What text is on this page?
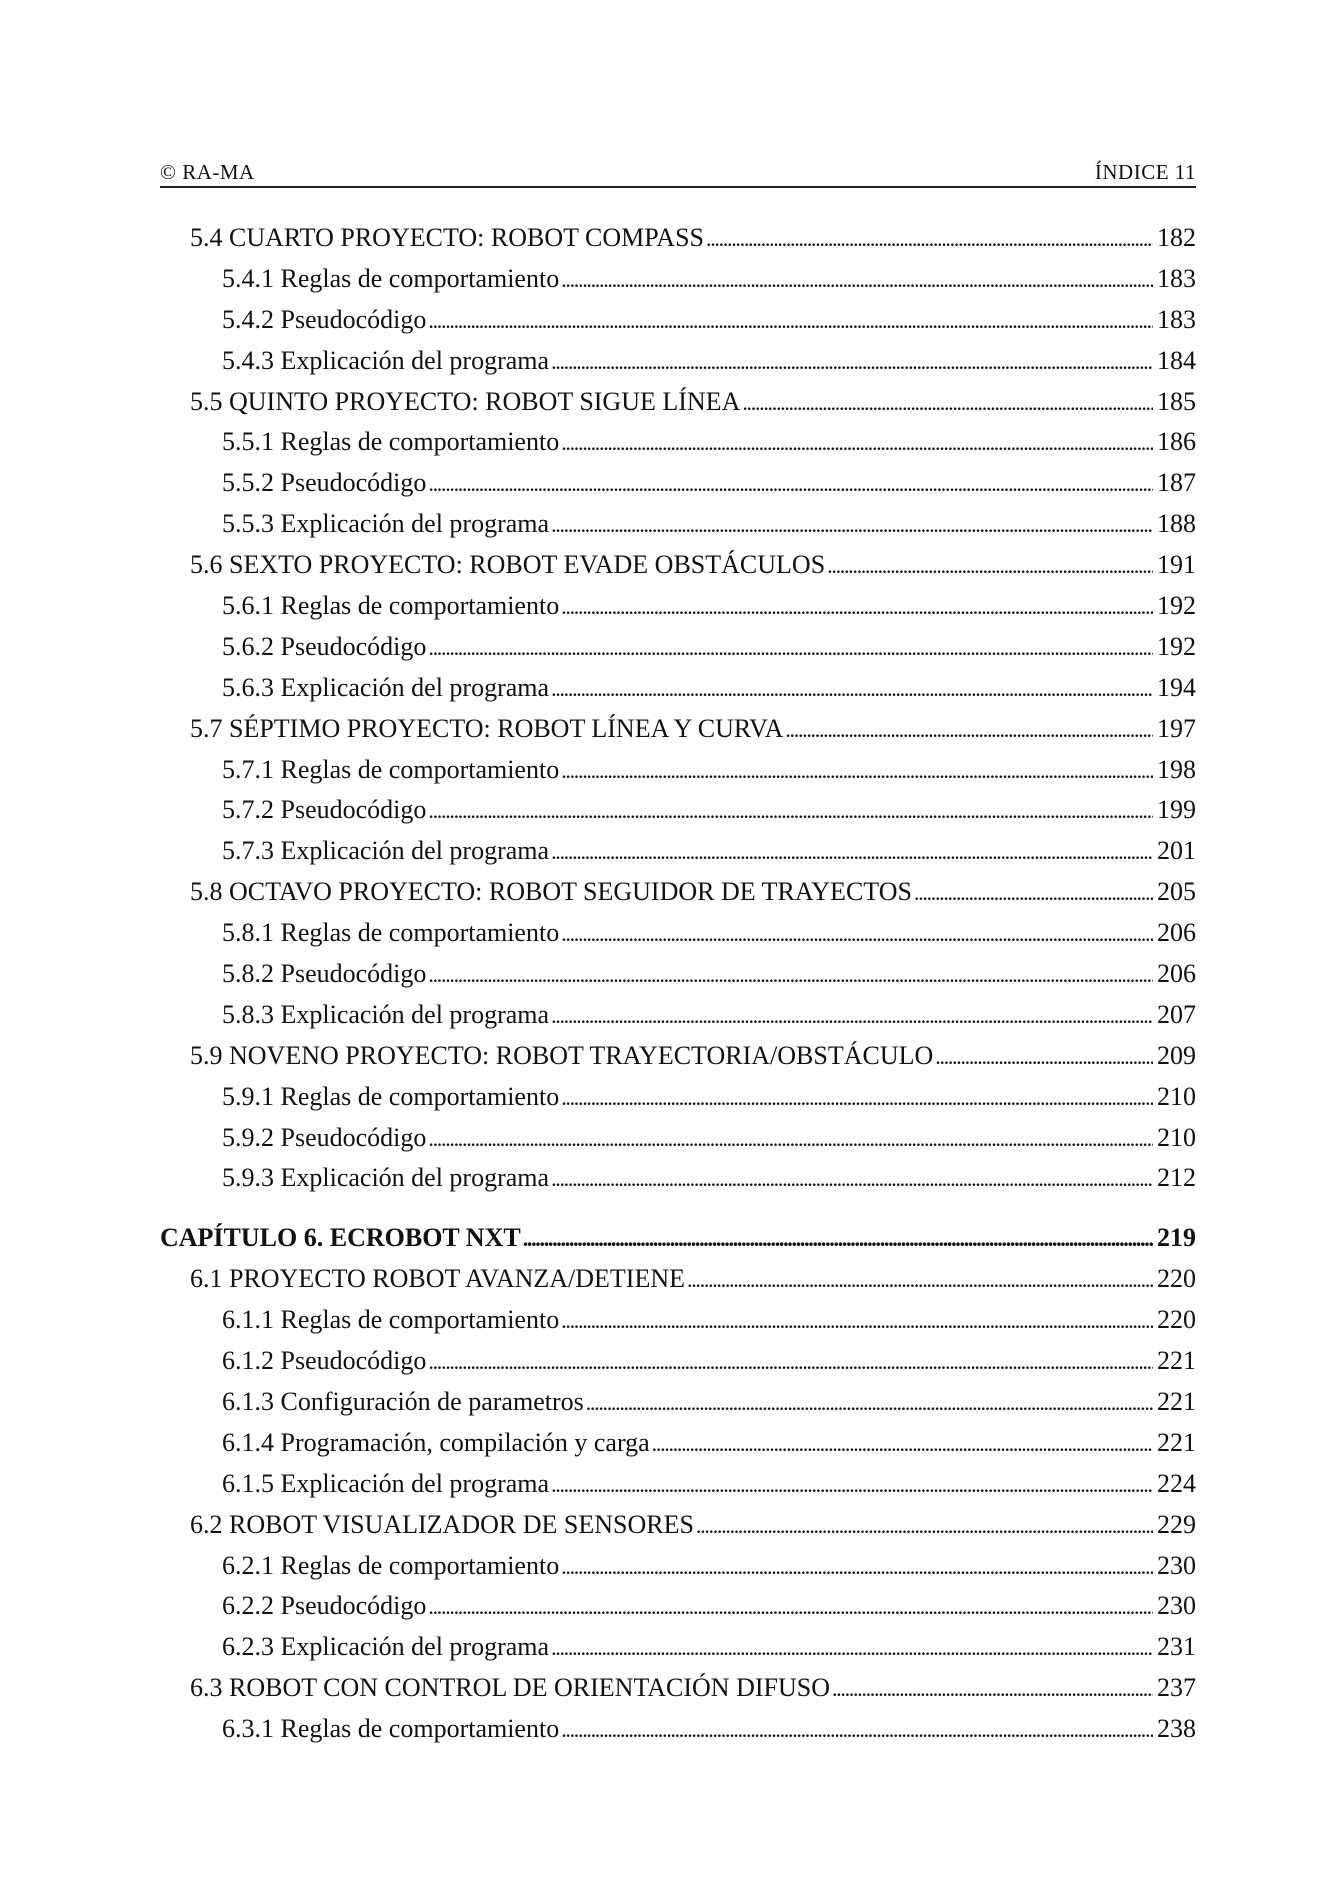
© RA-MA	ÍNDICE 11
5.4 CUARTO PROYECTO: ROBOT COMPASS . . .	182
5.4.1 Reglas de comportamiento . . .	183
5.4.2 Pseudocódigo . . .	183
5.4.3 Explicación del programa . . .	184
5.5 QUINTO PROYECTO: ROBOT SIGUE LÍNEA . . .	185
5.5.1 Reglas de comportamiento . . .	186
5.5.2 Pseudocódigo . . .	187
5.5.3 Explicación del programa . . .	188
5.6 SEXTO PROYECTO: ROBOT EVADE OBSTÁCULOS . . .	191
5.6.1 Reglas de comportamiento . . .	192
5.6.2 Pseudocódigo . . .	192
5.6.3 Explicación del programa . . .	194
5.7 SÉPTIMO PROYECTO: ROBOT LÍNEA Y CURVA . . .	197
5.7.1 Reglas de comportamiento . . .	198
5.7.2 Pseudocódigo . . .	199
5.7.3 Explicación del programa . . .	201
5.8 OCTAVO PROYECTO: ROBOT SEGUIDOR DE TRAYECTOS . . .	205
5.8.1 Reglas de comportamiento . . .	206
5.8.2 Pseudocódigo . . .	206
5.8.3 Explicación del programa . . .	207
5.9 NOVENO PROYECTO: ROBOT TRAYECTORIA/OBSTÁCULO . . .	209
5.9.1 Reglas de comportamiento . . .	210
5.9.2 Pseudocódigo . . .	210
5.9.3 Explicación del programa . . .	212
CAPÍTULO 6. ECROBOT NXT . . .	219
6.1 PROYECTO ROBOT AVANZA/DETIENE . . .	220
6.1.1 Reglas de comportamiento . . .	220
6.1.2 Pseudocódigo . . .	221
6.1.3 Configuración de parametros . . .	221
6.1.4 Programación, compilación y carga . . .	221
6.1.5 Explicación del programa . . .	224
6.2 ROBOT VISUALIZADOR DE SENSORES . . .	229
6.2.1 Reglas de comportamiento . . .	230
6.2.2 Pseudocódigo . . .	230
6.2.3 Explicación del programa . . .	231
6.3 ROBOT CON CONTROL DE ORIENTACIÓN DIFUSO . . .	237
6.3.1 Reglas de comportamiento . . .	238
